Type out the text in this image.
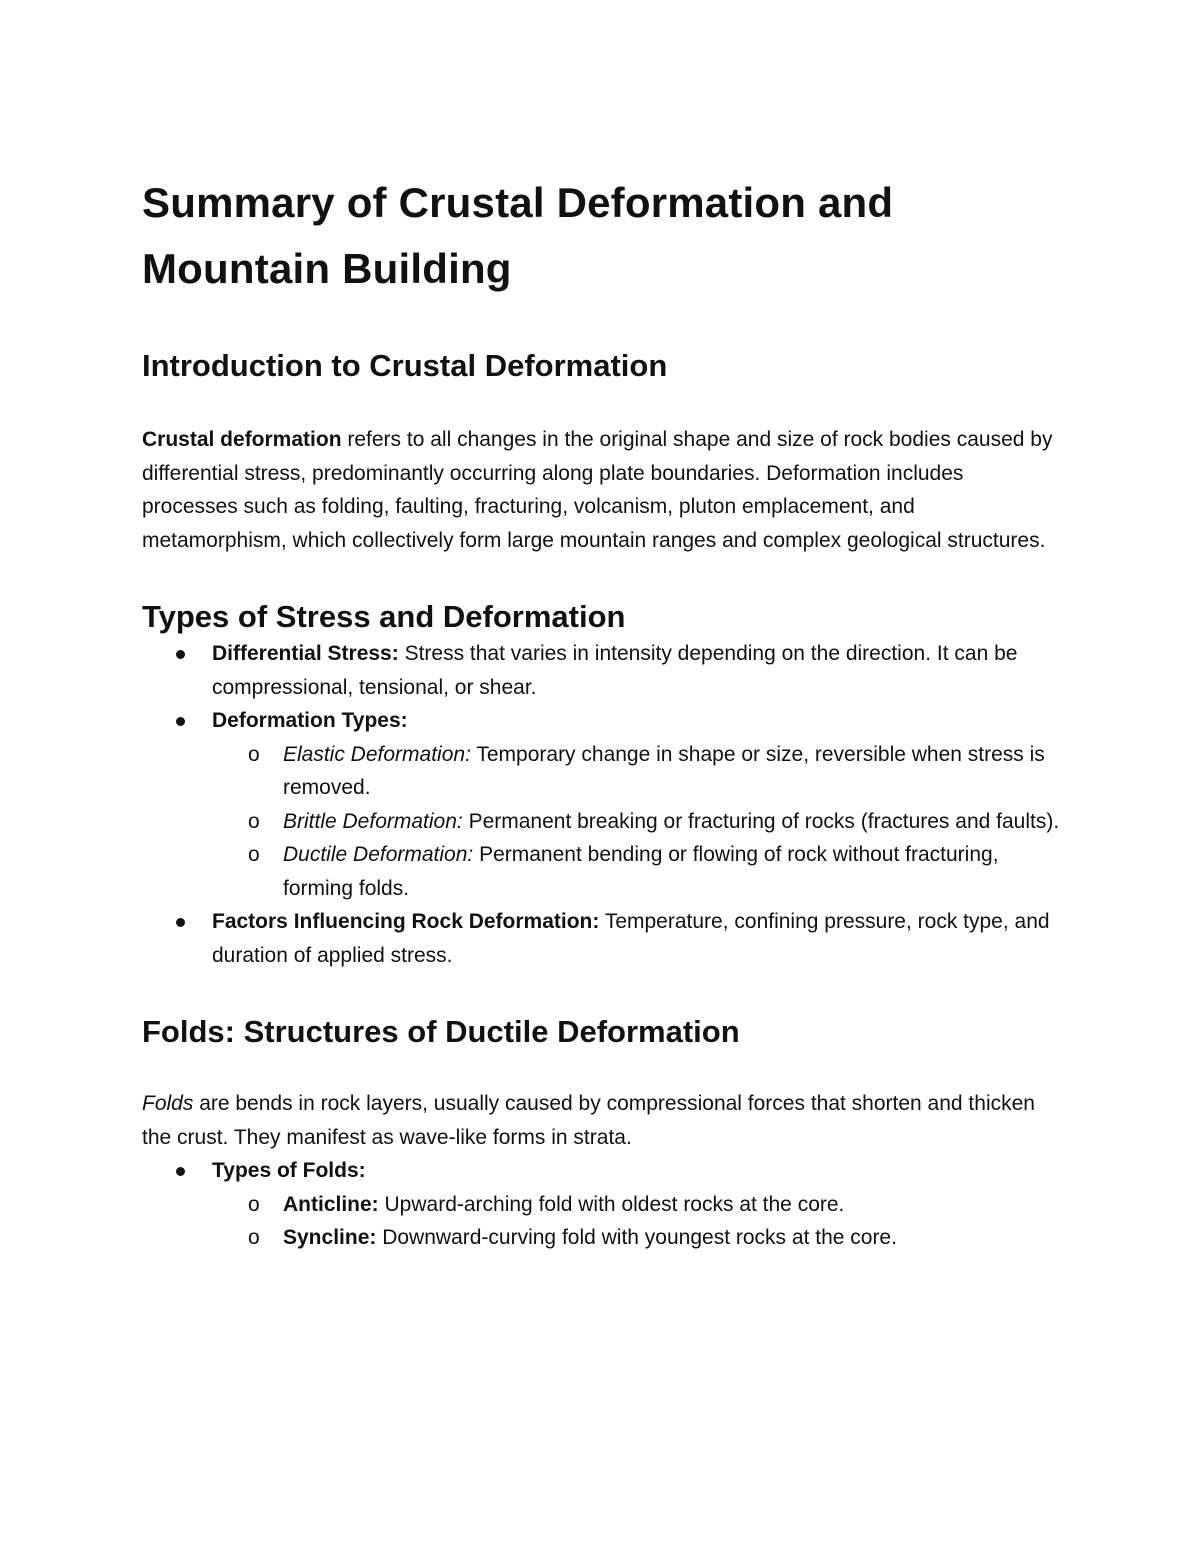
Summary of Crustal Deformation and Mountain Building
Introduction to Crustal Deformation

Crustal deformation refers to all changes in the original shape and size of rock bodies caused by differential stress, predominantly occurring along plate boundaries. Deformation includes processes such as folding, faulting, fracturing, volcanism, pluton emplacement, and metamorphism, which collectively form large mountain ranges and complex geological structures.

Types of Stress and Deformation
Differential Stress: Stress that varies in intensity depending on the direction. It can be compressional, tensional, or shear.
Deformation Types:
o Elastic Deformation: Temporary change in shape or size, reversible when stress is removed.
o Brittle Deformation: Permanent breaking or fracturing of rocks (fractures and faults).
o Ductile Deformation: Permanent bending or flowing of rock without fracturing, forming folds.
Factors Influencing Rock Deformation: Temperature, confining pressure, rock type, and duration of applied stress.
Folds: Structures of Ductile Deformation

Folds are bends in rock layers, usually caused by compressional forces that shorten and thicken the crust. They manifest as wave-like forms in strata.

Types of Folds:
o Anticline: Upward-arching fold with oldest rocks at the core.
o Syncline: Downward-curving fold with youngest rocks at the core.
